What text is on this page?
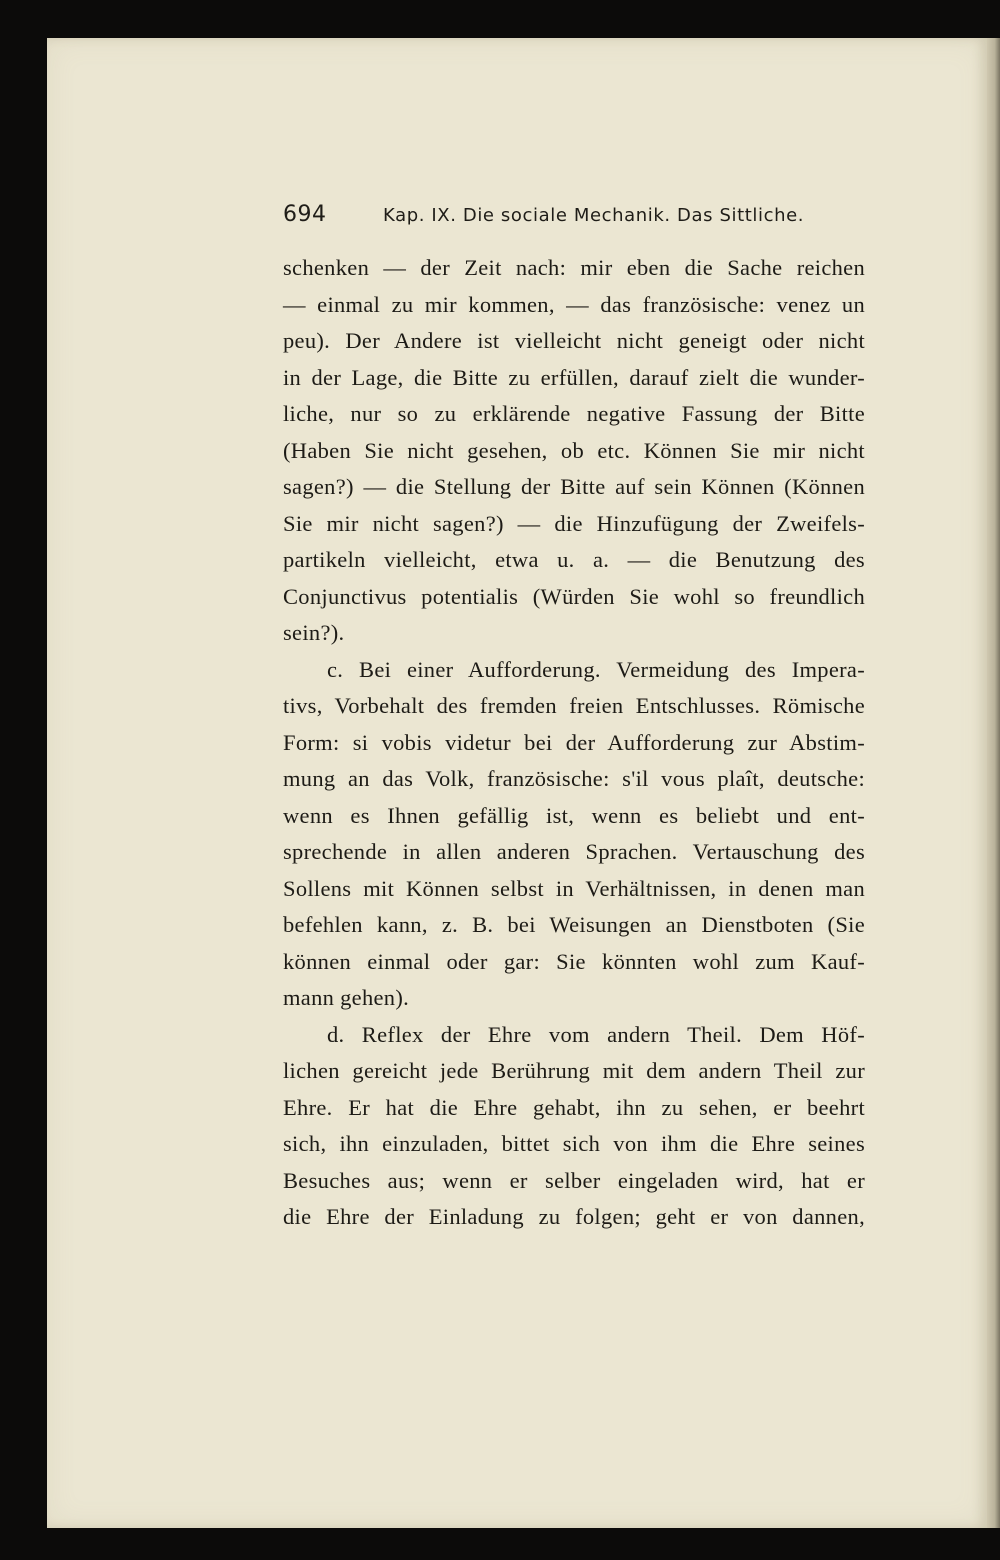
694	Kap. IX. Die sociale Mechanik. Das Sittliche.
schenken — der Zeit nach: mir eben die Sache reichen
— einmal zu mir kommen, — das französische: venez un
peu). Der Andere ist vielleicht nicht geneigt oder nicht
in der Lage, die Bitte zu erfüllen, darauf zielt die wunder-
liche, nur so zu erklärende negative Fassung der Bitte
(Haben Sie nicht gesehen, ob etc. Können Sie mir nicht
sagen?) — die Stellung der Bitte auf sein Können (Können
Sie mir nicht sagen?) — die Hinzufügung der Zweifels-
partikeln vielleicht, etwa u. a. — die Benutzung des
Conjunctivus potentialis (Würden Sie wohl so freundlich
sein?).
c. Bei einer Aufforderung. Vermeidung des Impera-
tivs, Vorbehalt des fremden freien Entschlusses. Römische
Form: si vobis videtur bei der Aufforderung zur Abstim-
mung an das Volk, französische: s'il vous plaît, deutsche:
wenn es Ihnen gefällig ist, wenn es beliebt und ent-
sprechende in allen anderen Sprachen. Vertauschung des
Sollens mit Können selbst in Verhältnissen, in denen man
befehlen kann, z. B. bei Weisungen an Dienstboten (Sie
können einmal oder gar: Sie könnten wohl zum Kauf-
mann gehen).
d. Reflex der Ehre vom andern Theil. Dem Höf-
lichen gereicht jede Berührung mit dem andern Theil zur
Ehre. Er hat die Ehre gehabt, ihn zu sehen, er beehrt
sich, ihn einzuladen, bittet sich von ihm die Ehre seines
Besuches aus; wenn er selber eingeladen wird, hat er
die Ehre der Einladung zu folgen; geht er von dannen,
